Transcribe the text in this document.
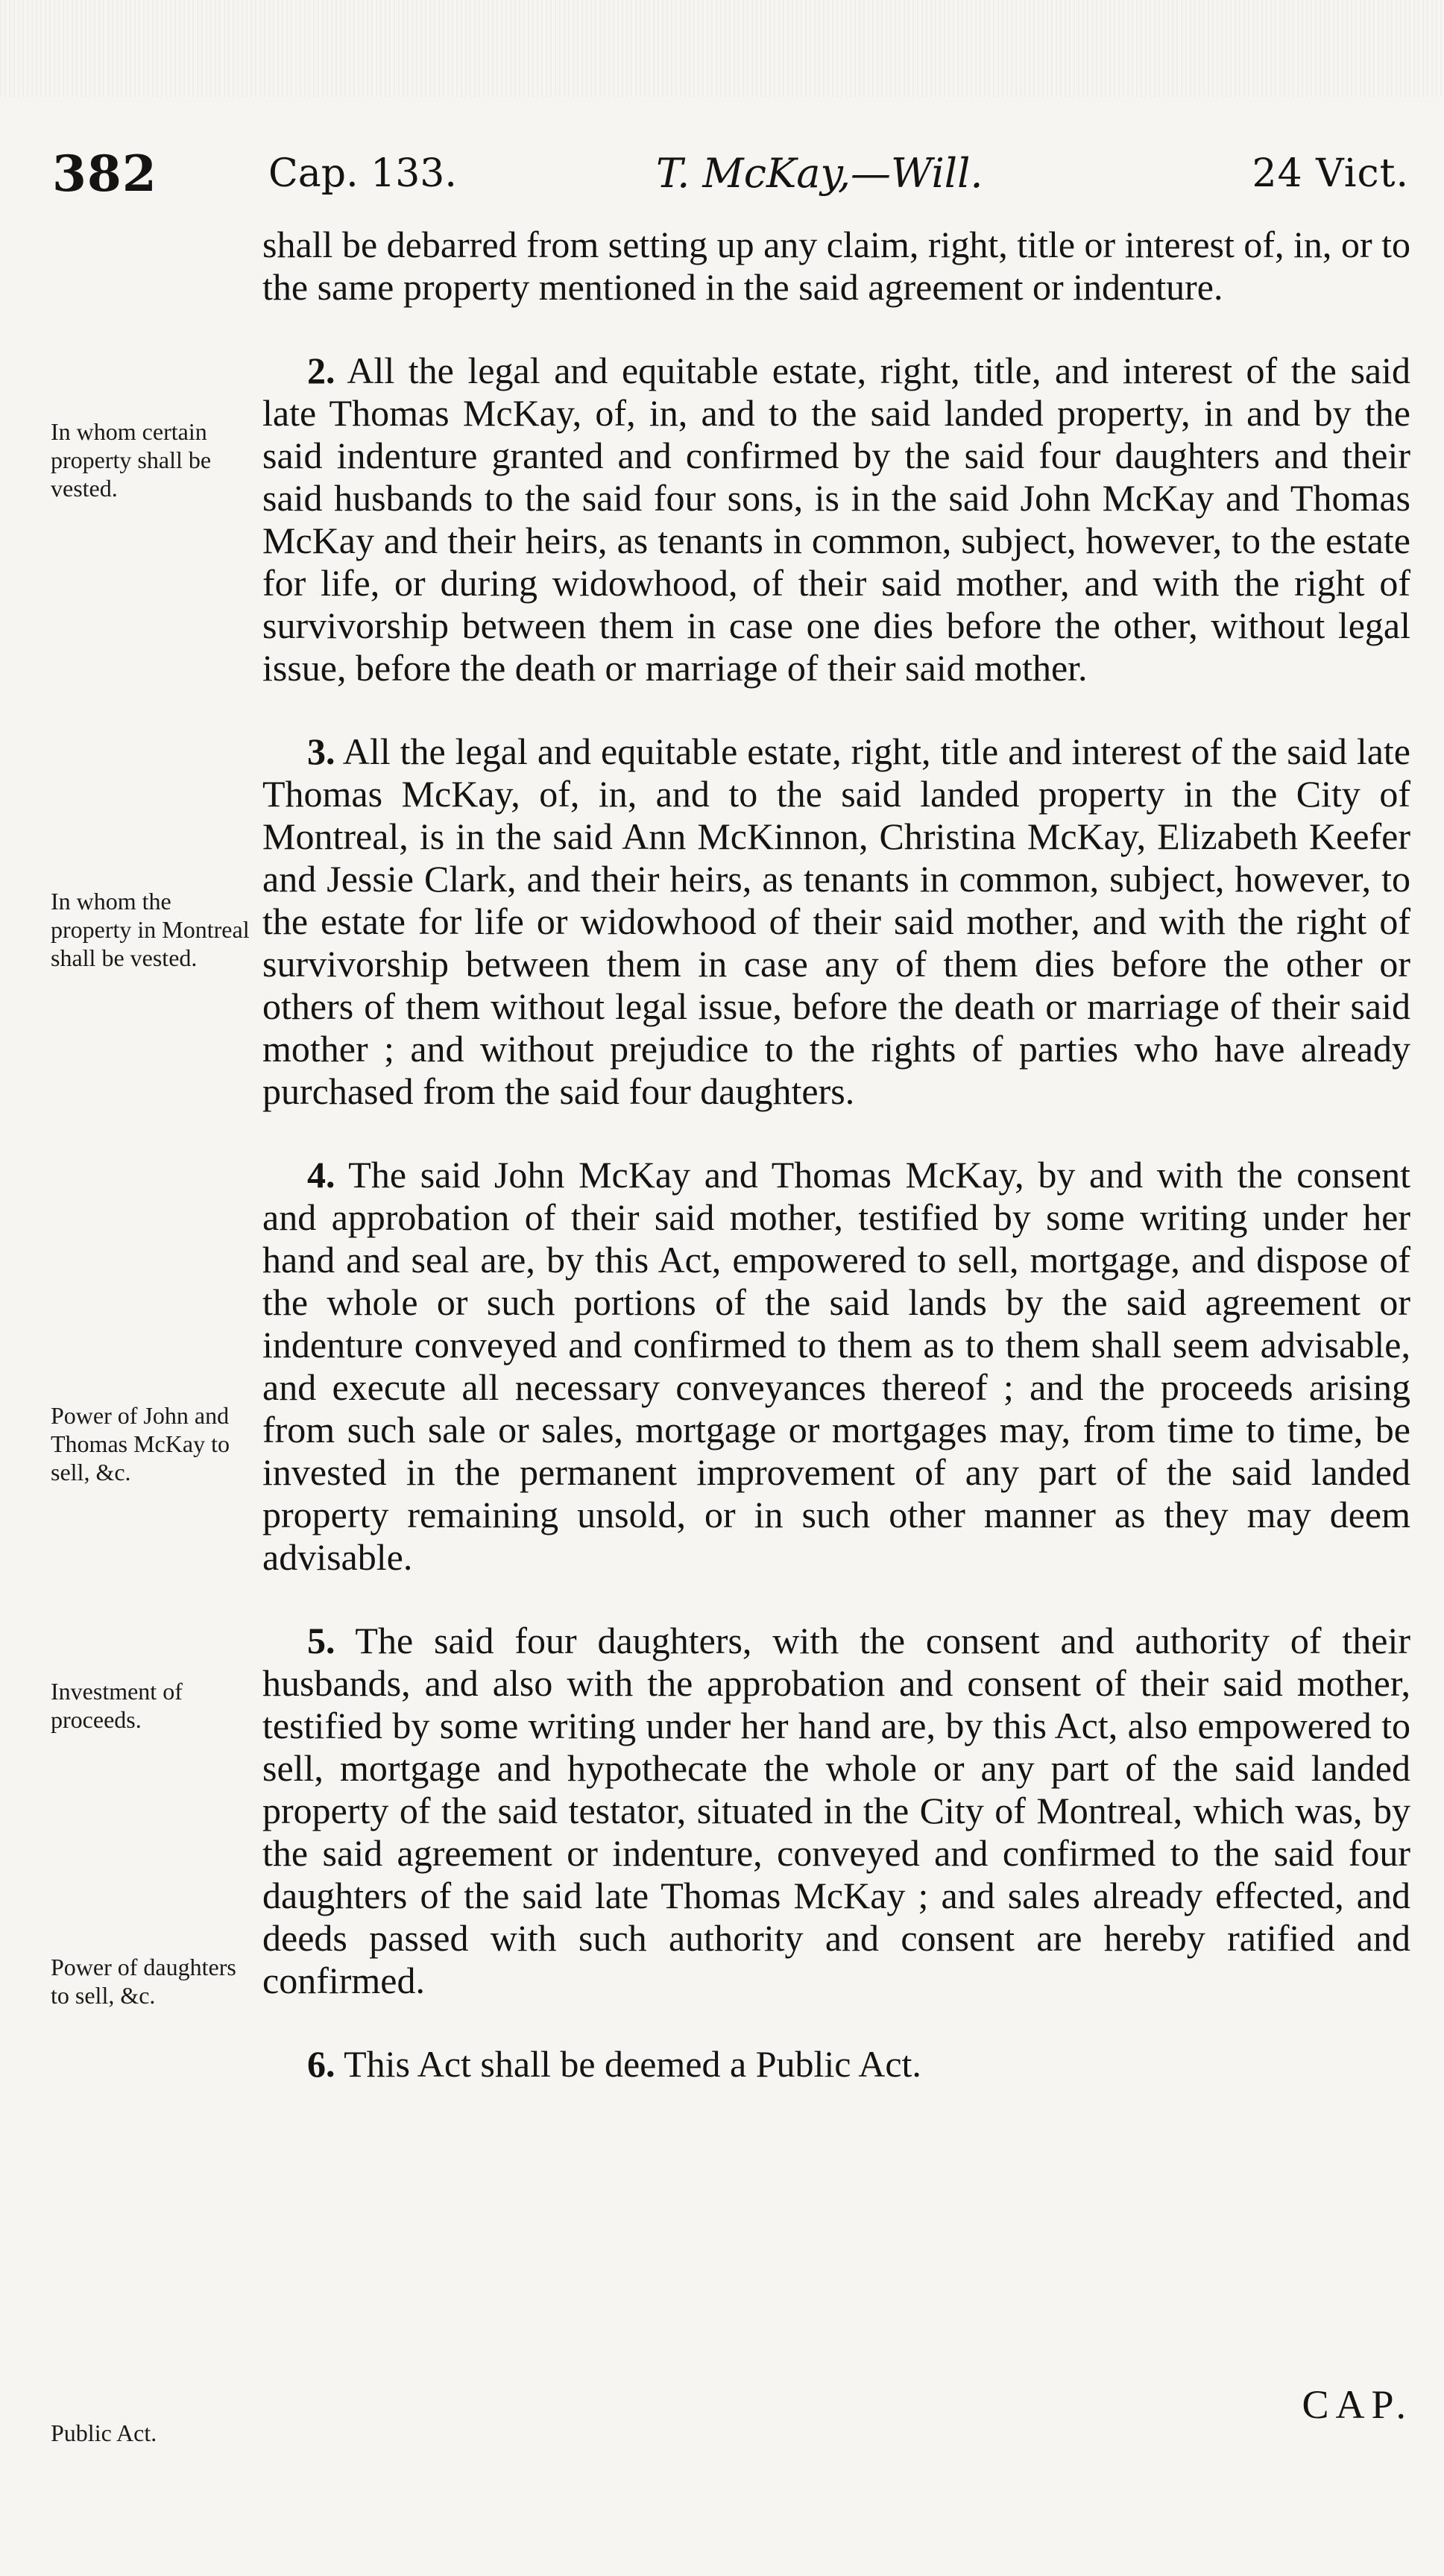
382	Cap. 133.	T. McKay,—Will.	24 Vict.

shall be debarred from setting up any claim, right, title or interest of, in, or to the same property mentioned in the said agreement or indenture.

2. All the legal and equitable estate, right, title, and interest of the said late Thomas McKay, of, in, and to the said landed property, in and by the said indenture granted and confirmed by the said four daughters and their said husbands to the said four sons, is in the said John McKay and Thomas McKay and their heirs, as tenants in common, subject, however, to the estate for life, or during widowhood, of their said mother, and with the right of survivorship between them in case one dies before the other, without legal issue, before the death or marriage of their said mother.

3. All the legal and equitable estate, right, title and interest of the said late Thomas McKay, of, in, and to the said landed property in the City of Montreal, is in the said Ann McKinnon, Christina McKay, Elizabeth Keefer and Jessie Clark, and their heirs, as tenants in common, subject, however, to the estate for life or widowhood of their said mother, and with the right of survivorship between them in case any of them dies before the other or others of them without legal issue, before the death or marriage of their said mother ; and without prejudice to the rights of parties who have already purchased from the said four daughters.

4. The said John McKay and Thomas McKay, by and with the consent and approbation of their said mother, testified by some writing under her hand and seal are, by this Act, empowered to sell, mortgage, and dispose of the whole or such portions of the said lands by the said agreement or indenture conveyed and confirmed to them as to them shall seem advisable, and execute all necessary conveyances thereof ; and the proceeds arising from such sale or sales, mortgage or mortgages may, from time to time, be invested in the permanent improvement of any part of the said landed property remaining unsold, or in such other manner as they may deem advisable.

5. The said four daughters, with the consent and authority of their husbands, and also with the approbation and consent of their said mother, testified by some writing under her hand are, by this Act, also empowered to sell, mortgage and hypothecate the whole or any part of the said landed property of the said testator, situated in the City of Montreal, which was, by the said agreement or indenture, conveyed and confirmed to the said four daughters of the said late Thomas McKay ; and sales already effected, and deeds passed with such authority and consent are hereby ratified and confirmed.

6. This Act shall be deemed a Public Act.

In whom certain property shall be vested.
In whom the property in Montreal shall be vested.
Power of John and Thomas McKay to sell, &c.
Investment of proceeds.
Power of daughters to sell, &c.
Public Act.
CAP.
